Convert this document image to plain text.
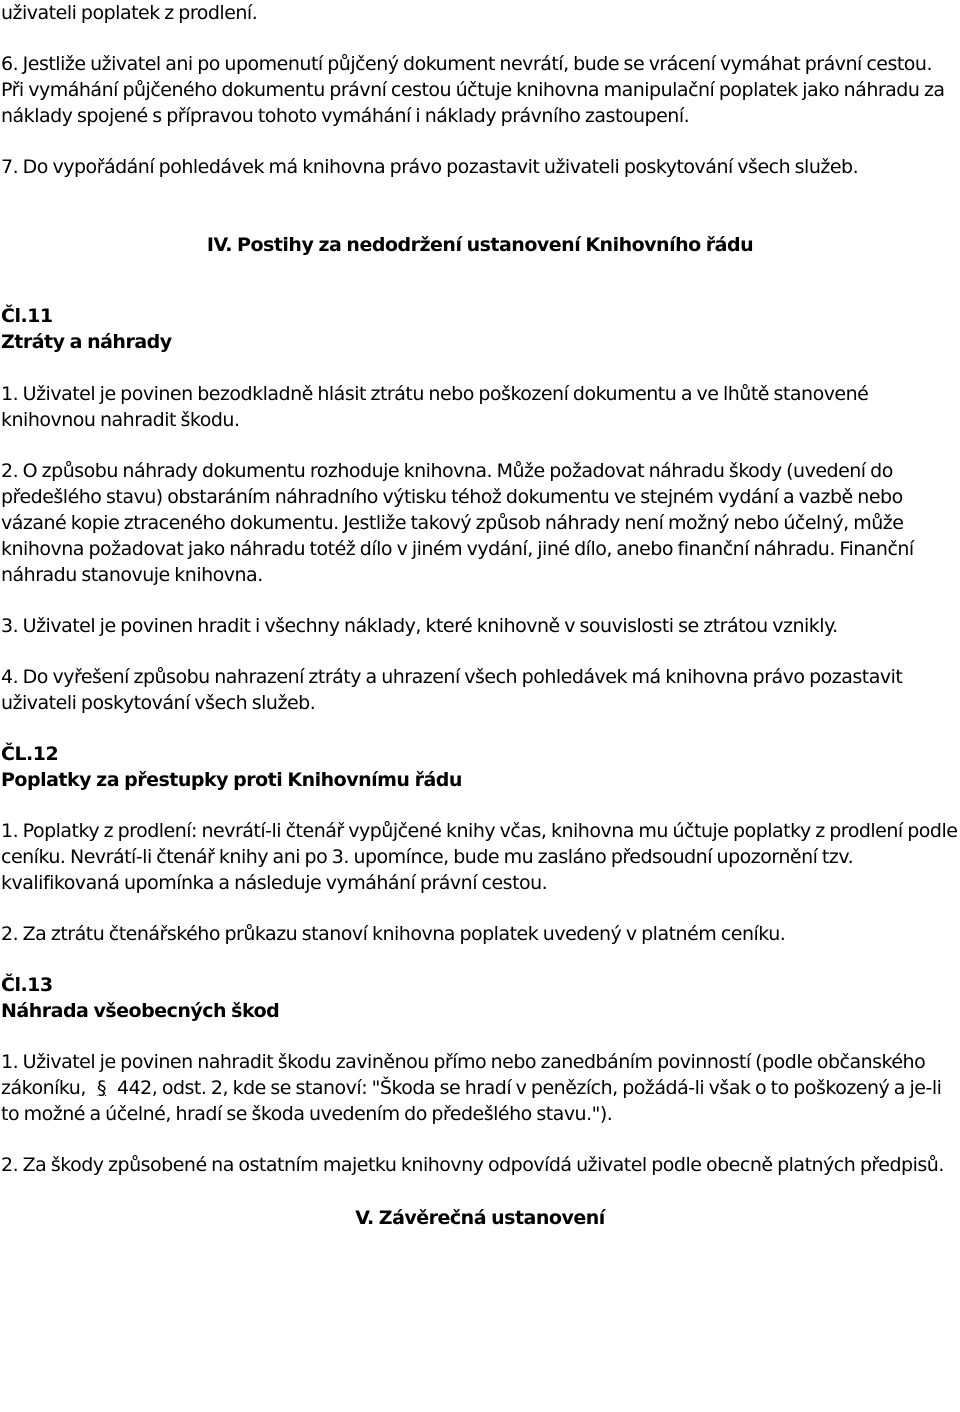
uživateli poplatek z prodlení.

6. Jestliže uživatel ani po upomenutí půjčený dokument nevrátí, bude se vrácení vymáhat právní cestou. Při vymáhání půjčeného dokumentu právní cestou účtuje knihovna manipulační poplatek jako náhradu za náklady spojené s přípravou tohoto vymáhání i náklady právního zastoupení.

7. Do vypořádání pohledávek má knihovna právo pozastavit uživateli poskytování všech služeb.

IV. Postihy za nedodržení ustanovení Knihovního řádu

Čl.11

Ztráty a náhrady

1. Uživatel je povinen bezodkladně hlásit ztrátu nebo poškození dokumentu a ve lhůtě stanovené knihovnou nahradit škodu.

2. O způsobu náhrady dokumentu rozhoduje knihovna. Může požadovat náhradu škody (uvedení do předešlého stavu) obstaráním náhradního výtisku téhož dokumentu ve stejném vydání a vazbě nebo vázané kopie ztraceného dokumentu. Jestliže takový způsob náhrady není možný nebo účelný, může knihovna požadovat jako náhradu totéž dílo v jiném vydání, jiné dílo, anebo finanční náhradu. Finanční náhradu stanovuje knihovna.

3. Uživatel je povinen hradit i všechny náklady, které knihovně v souvislosti se ztrátou vznikly.

4. Do vyřešení způsobu nahrazení ztráty a uhrazení všech pohledávek má knihovna právo pozastavit uživateli poskytování všech služeb.

ČL.12

Poplatky za přestupky proti Knihovnímu řádu

1. Poplatky z prodlení: nevrátí-li čtenář vypůjčené knihy včas, knihovna mu účtuje poplatky z prodlení podle ceníku. Nevrátí-li čtenář knihy ani po 3. upomínce, bude mu zasláno předsoudní upozornění tzv. kvalifikovaná upomínka a následuje vymáhání právní cestou.

2. Za ztrátu čtenářského průkazu stanoví knihovna poplatek uvedený v platném ceníku.

Čl.13

Náhrada všeobecných škod

1. Uživatel je povinen nahradit škodu zaviněnou přímo nebo zanedbáním povinností (podle občanského zákoníku, § 442, odst. 2, kde se stanoví: "Škoda se hradí v penězích, požádá-li však o to poškozený a je-li to možné a účelné, hradí se škoda uvedením do předešlého stavu.").

2. Za škody způsobené na ostatním majetku knihovny odpovídá uživatel podle obecně platných předpisů.

V. Závěrečná ustanovení
